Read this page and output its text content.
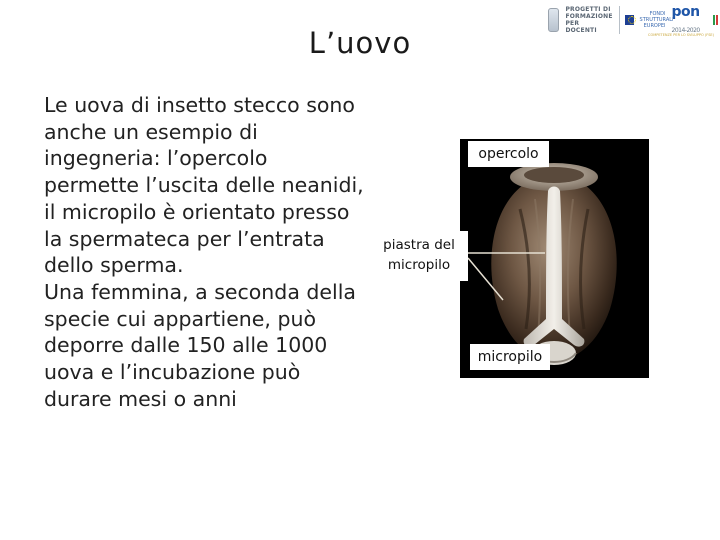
PROGETTI DI FORMAZIONE PER DOCENTI
FONDI STRUTTURALI EUROPEI
pon 2014-2020
COMPETENZE PER LO SVILUPPO (FSE)
L’uovo

Le uova di insetto stecco sono anche un esempio di ingegneria: l’opercolo permette l’uscita delle neanidi, il micropilo è orientato presso la spermateca per l’entrata dello sperma.

Una femmina, a seconda della specie cui appartiene, può deporre dalle 150 alle 1000 uova e l’incubazione può durare mesi o anni

opercolo
piastra del micropilo
micropilo
